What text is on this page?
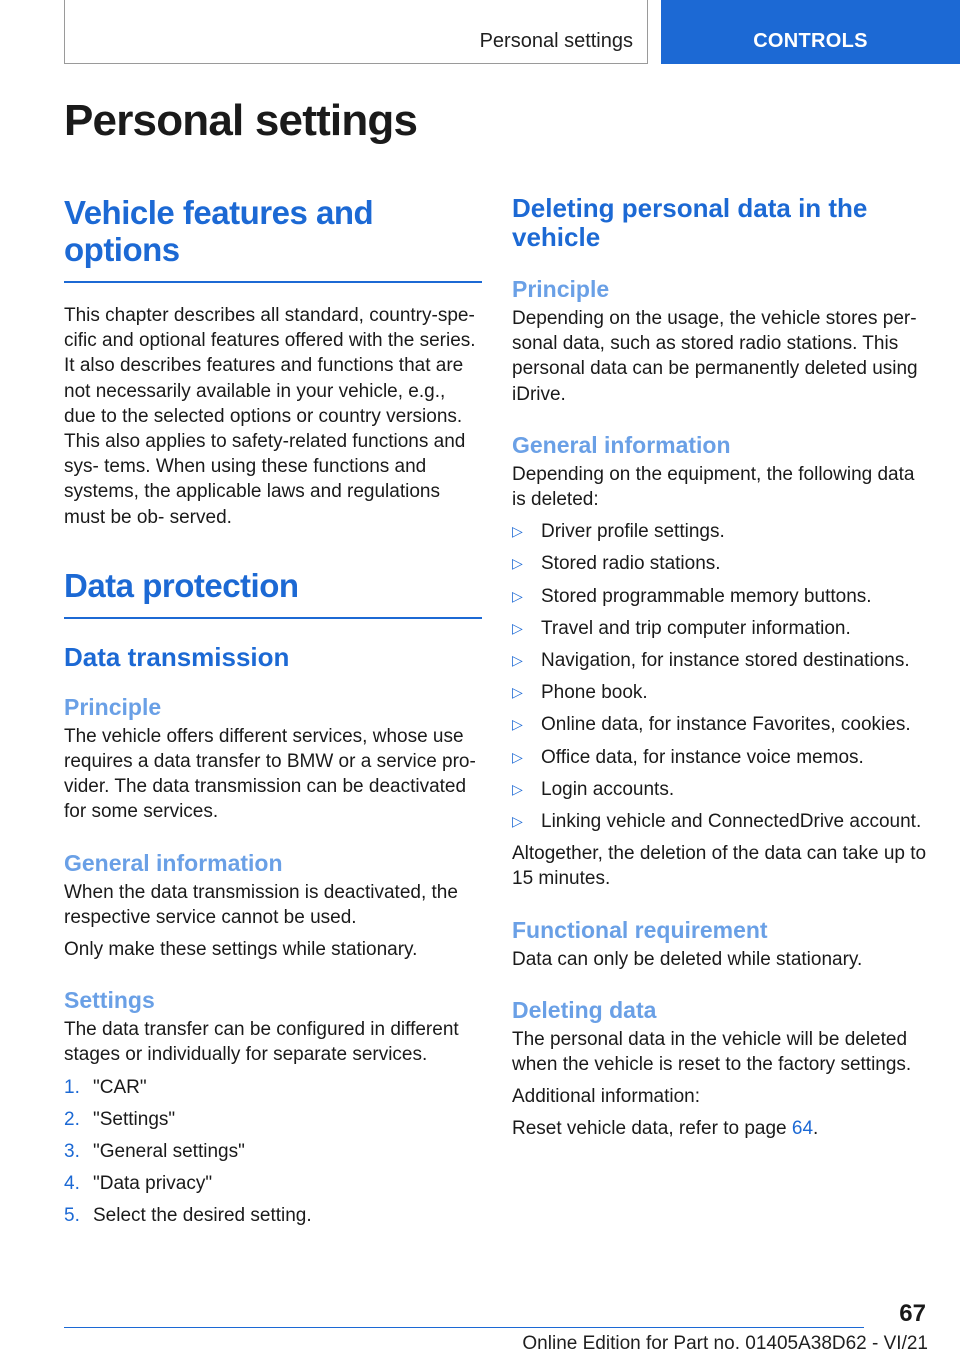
Personal settings	CONTROLS
Personal settings
Vehicle features and options

This chapter describes all standard, country-spe- cific and optional features offered with the series. It also describes features and functions that are not necessarily available in your vehicle, e.g., due to the selected options or country versions. This also applies to safety-related functions and sys- tems. When using these functions and systems, the applicable laws and regulations must be ob- served.

Data protection
Data transmission
Principle

The vehicle offers different services, whose use requires a data transfer to BMW or a service pro- vider. The data transmission can be deactivated for some services.

General information

When the data transmission is deactivated, the respective service cannot be used.

Only make these settings while stationary.

Settings

The data transfer can be configured in different stages or individually for separate services.

1. "CAR"
2. "Settings"
3. "General settings"
4. "Data privacy"
5. Select the desired setting.
Deleting personal data in the vehicle
Principle

Depending on the usage, the vehicle stores per- sonal data, such as stored radio stations. This personal data can be permanently deleted using iDrive.

General information

Depending on the equipment, the following data is deleted:

▷ Driver profile settings.
▷ Stored radio stations.
▷ Stored programmable memory buttons.
▷ Travel and trip computer information.
▷ Navigation, for instance stored destinations.
▷ Phone book.
▷ Online data, for instance Favorites, cookies.
▷ Office data, for instance voice memos.
▷ Login accounts.
▷ Linking vehicle and ConnectedDrive account.

Altogether, the deletion of the data can take up to 15 minutes.

Functional requirement

Data can only be deleted while stationary.

Deleting data

The personal data in the vehicle will be deleted when the vehicle is reset to the factory settings.

Additional information:

Reset vehicle data, refer to page 64.

67
Online Edition for Part no. 01405A38D62 - VI/21
